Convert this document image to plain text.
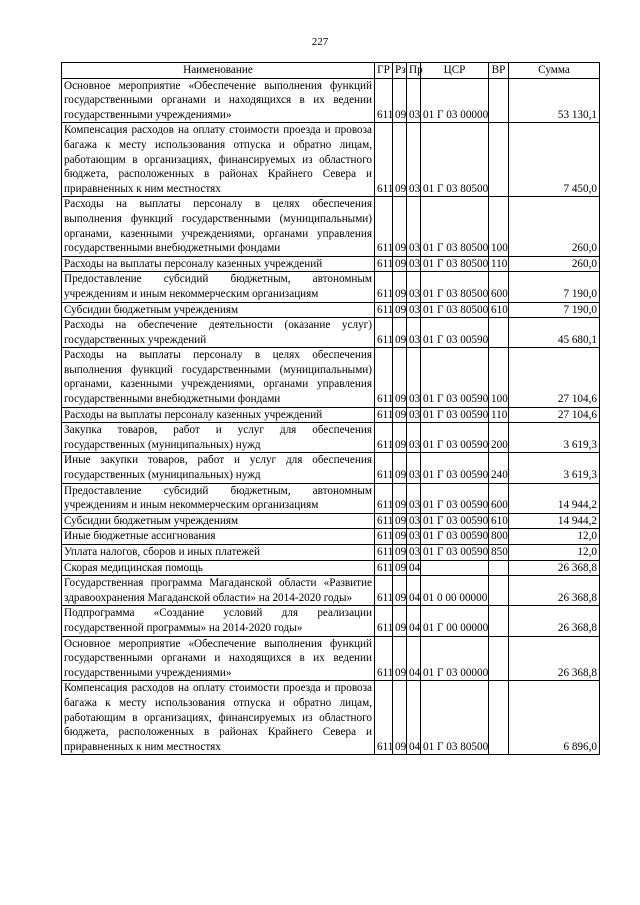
227
Наименование	ГР	Рз	Пр	ЦСР	ВР	Сумма
Основное мероприятие «Обеспечение выполнения функций государственными органами и находящихся в их ведении государственными учреждениями»	611	09	03	01 Г 03 00000		53 130,1
Компенсация расходов на оплату стоимости проезда и провоза багажа к месту использования отпуска и обратно лицам, работающим в организациях, финансируемых из областного бюджета, расположенных в районах Крайнего Севера и приравненных к ним местностях	611	09	03	01 Г 03 80500		7 450,0
Расходы на выплаты персоналу в целях обеспечения выполнения функций государственными (муниципальными) органами, казенными учреждениями, органами управления государственными внебюджетными фондами	611	09	03	01 Г 03 80500	100	260,0
Расходы на выплаты персоналу казенных учреждений	611	09	03	01 Г 03 80500	110	260,0
Предоставление субсидий бюджетным, автономным учреждениям и иным некоммерческим организациям	611	09	03	01 Г 03 80500	600	7 190,0
Субсидии бюджетным учреждениям	611	09	03	01 Г 03 80500	610	7 190,0
Расходы на обеспечение деятельности (оказание услуг) государственных учреждений	611	09	03	01 Г 03 00590		45 680,1
Расходы на выплаты персоналу в целях обеспечения выполнения функций государственными (муниципальными) органами, казенными учреждениями, органами управления государственными внебюджетными фондами	611	09	03	01 Г 03 00590	100	27 104,6
Расходы на выплаты персоналу казенных учреждений	611	09	03	01 Г 03 00590	110	27 104,6
Закупка товаров, работ и услуг для обеспечения государственных (муниципальных) нужд	611	09	03	01 Г 03 00590	200	3 619,3
Иные закупки товаров, работ и услуг для обеспечения государственных (муниципальных) нужд	611	09	03	01 Г 03 00590	240	3 619,3
Предоставление субсидий бюджетным, автономным учреждениям и иным некоммерческим организациям	611	09	03	01 Г 03 00590	600	14 944,2
Субсидии бюджетным учреждениям	611	09	03	01 Г 03 00590	610	14 944,2
Иные бюджетные ассигнования	611	09	03	01 Г 03 00590	800	12,0
Уплата налогов, сборов и иных платежей	611	09	03	01 Г 03 00590	850	12,0
Скорая медицинская помощь	611	09	04			26 368,8
Государственная программа Магаданской области «Развитие здравоохранения Магаданской области» на 2014-2020 годы»	611	09	04	01 0 00 00000		26 368,8
Подпрограмма «Создание условий для реализации государственной программы» на 2014-2020 годы»	611	09	04	01 Г 00 00000		26 368,8
Основное мероприятие «Обеспечение выполнения функций государственными органами и находящихся в их ведении государственными учреждениями»	611	09	04	01 Г 03 00000		26 368,8
Компенсация расходов на оплату стоимости проезда и провоза багажа к месту использования отпуска и обратно лицам, работающим в организациях, финансируемых из областного бюджета, расположенных в районах Крайнего Севера и приравненных к ним местностях	611	09	04	01 Г 03 80500		6 896,0
